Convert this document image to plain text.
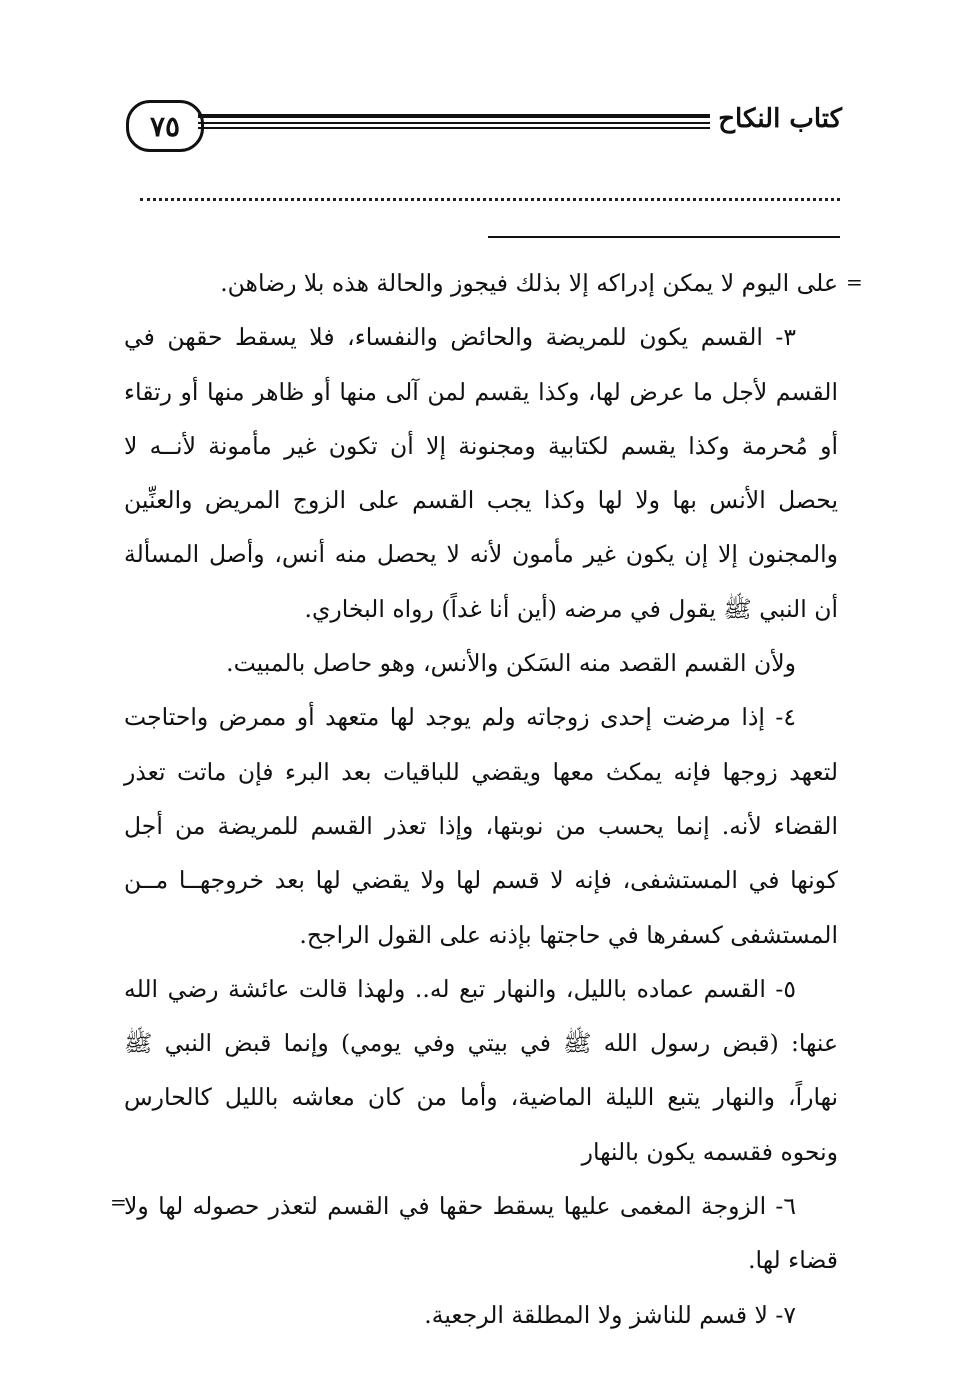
٧٥	كتاب النكاح
=

على اليوم لا يمكن إدراكه إلا بذلك فيجوز والحالة هذه بلا رضاهن.

٣- القسم يكون للمريضة والحائض والنفساء، فلا يسقط حقهن في القسم لأجل ما عرض لها، وكذا يقسم لمن آلى منها أو ظاهر منها أو رتقاء أو مُحرمة وكذا يقسم لكتابية ومجنونة إلا أن تكون غير مأمونة لأنــه لا يحصل الأنس بها ولا لها وكذا يجب القسم على الزوج المريض والعنِّين والمجنون إلا إن يكون غير مأمون لأنه لا يحصل منه أنس، وأصل المسألة أن النبي ﷺ يقول في مرضه (أين أنا غداً) رواه البخاري.

ولأن القسم القصد منه السَكن والأنس، وهو حاصل بالمبيت.

٤- إذا مرضت إحدى زوجاته ولم يوجد لها متعهد أو ممرض واحتاجت لتعهد زوجها فإنه يمكث معها ويقضي للباقيات بعد البرء فإن ماتت تعذر القضاء لأنه. إنما يحسب من نوبتها، وإذا تعذر القسم للمريضة من أجل كونها في المستشفى، فإنه لا قسم لها ولا يقضي لها بعد خروجهــا مــن المستشفى كسفرها في حاجتها بإذنه على القول الراجح.

٥- القسم عماده بالليل، والنهار تبع له.. ولهذا قالت عائشة رضي الله عنها: (قبض رسول الله ﷺ في بيتي وفي يومي) وإنما قبض النبي ﷺ نهاراً، والنهار يتبع الليلة الماضية، وأما من كان معاشه بالليل كالحارس ونحوه فقسمه يكون بالنهار

٦- الزوجة المغمى عليها يسقط حقها في القسم لتعذر حصوله لها ولا قضاء لها.

٧- لا قسم للناشز ولا المطلقة الرجعية.

=
